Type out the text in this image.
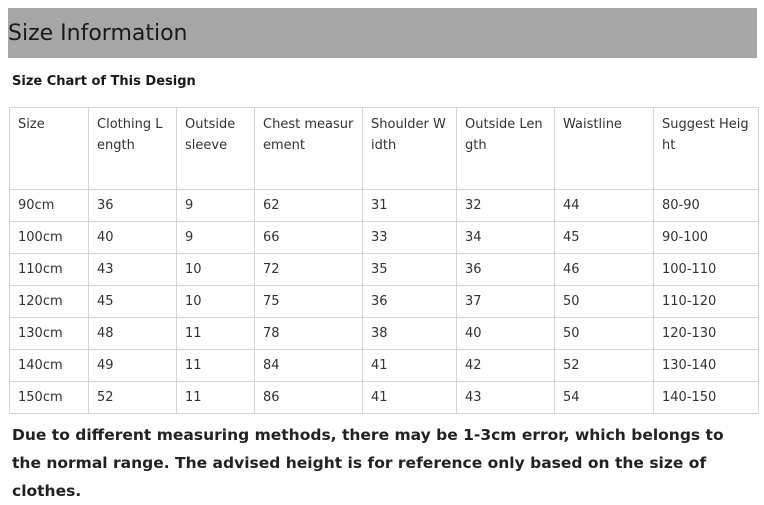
Size Information
Size Chart of This Design
Size	Clothing Length	Outside sleeve	Chest measurement	Shoulder Width	Outside Length	Waistline	Suggest Height
90cm	36	9	62	31	32	44	80-90
100cm	40	9	66	33	34	45	90-100
110cm	43	10	72	35	36	46	100-110
120cm	45	10	75	36	37	50	110-120
130cm	48	11	78	38	40	50	120-130
140cm	49	11	84	41	42	52	130-140
150cm	52	11	86	41	43	54	140-150
Due to different measuring methods, there may be 1-3cm error, which belongs to the normal range. The advised height is for reference only based on the size of clothes.
